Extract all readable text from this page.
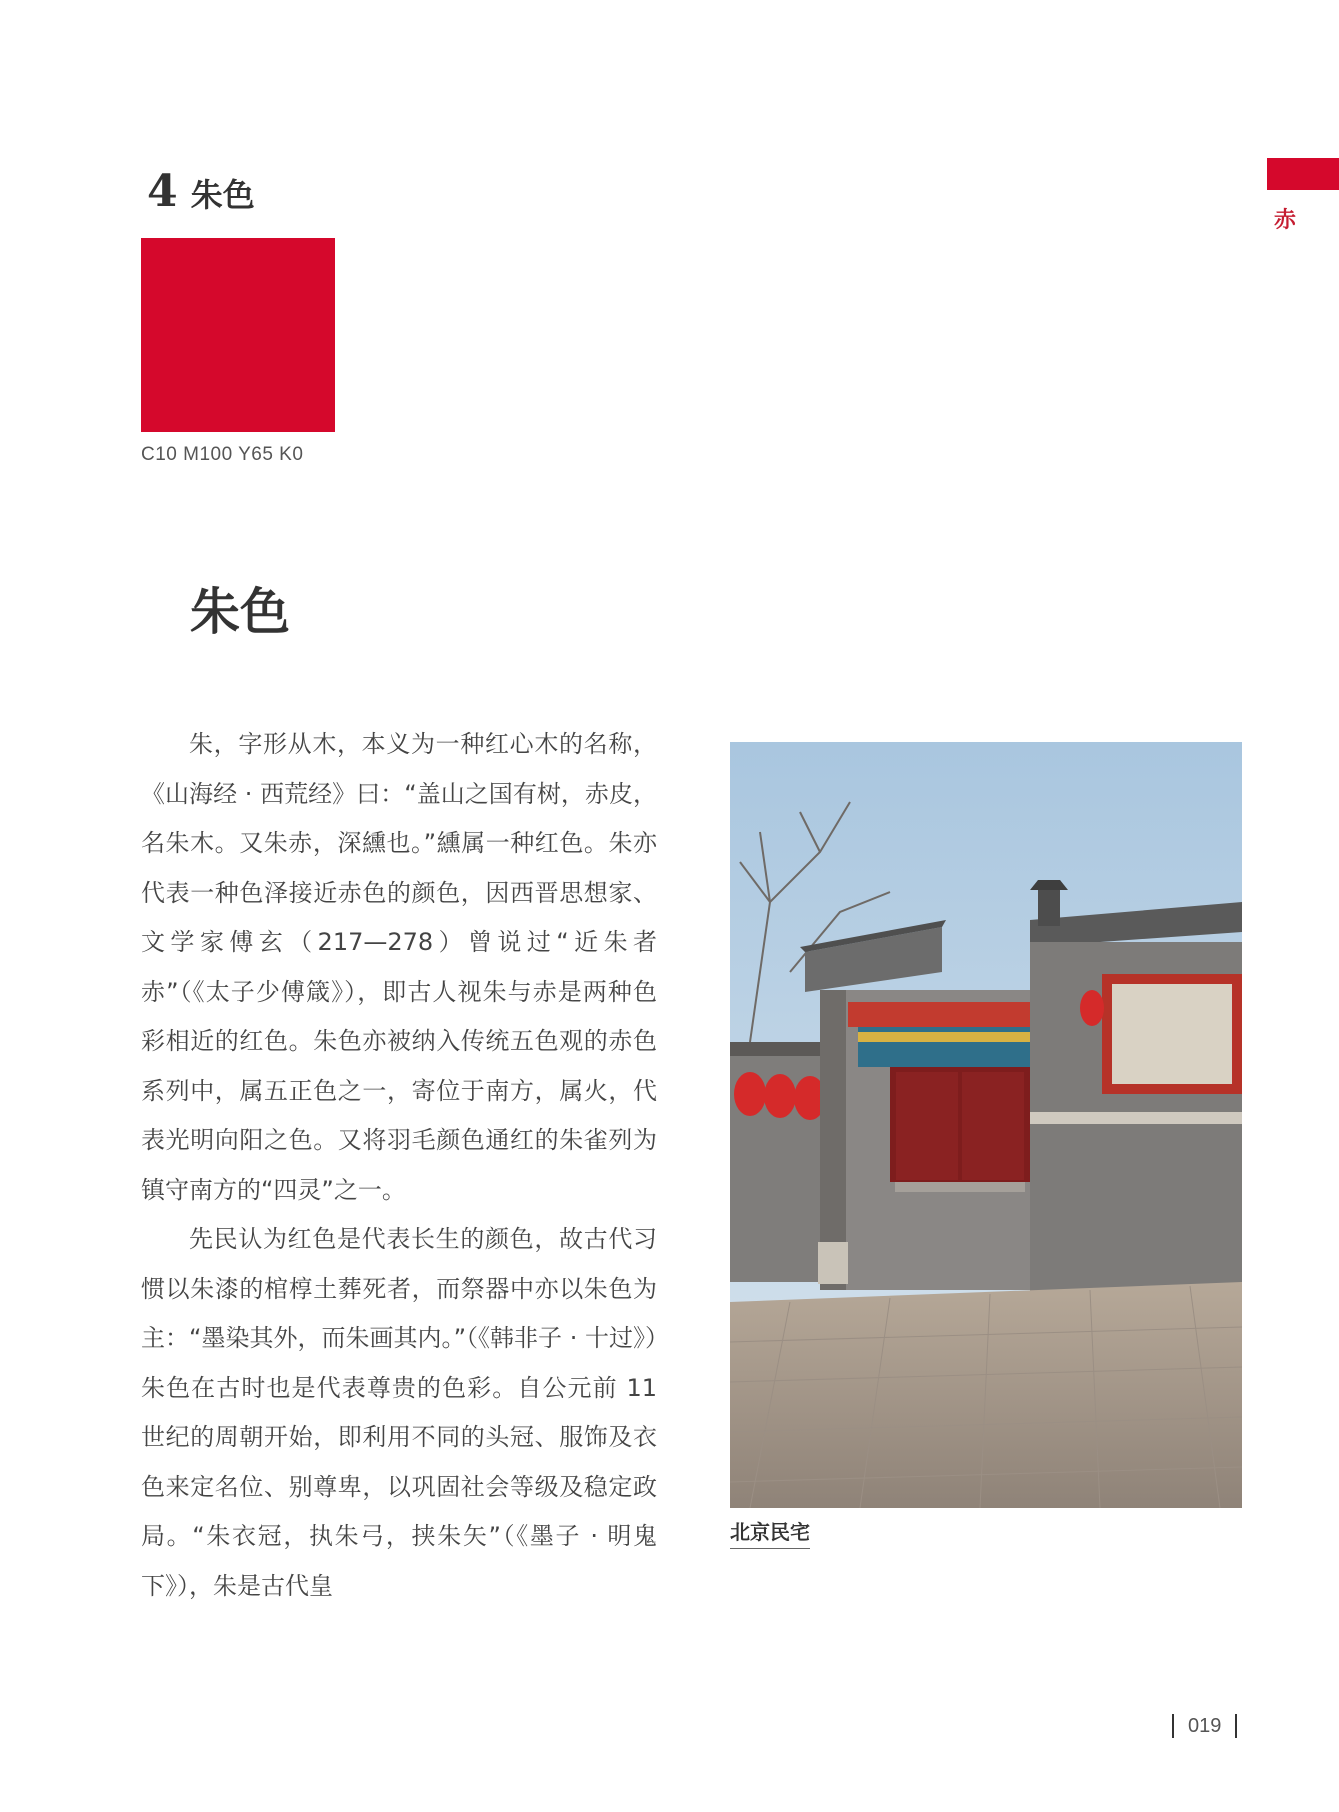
赤
4 朱色
C10 M100 Y65 K0
朱色

朱，字形从木，本义为一种红心木的名称，《山海经 · 西荒经》曰：“盖山之国有树，赤皮，名朱木。又朱赤，深纁也。”纁属一种红色。朱亦代表一种色泽接近赤色的颜色，因西晋思想家、文学家傅玄（217—278）曾说过“近朱者赤”（《太子少傅箴》），即古人视朱与赤是两种色彩相近的红色。朱色亦被纳入传统五色观的赤色系列中，属五正色之一，寄位于南方，属火，代表光明向阳之色。又将羽毛颜色通红的朱雀列为镇守南方的“四灵”之一。

先民认为红色是代表长生的颜色，故古代习惯以朱漆的棺椁土葬死者，而祭器中亦以朱色为主：“墨染其外，而朱画其内。”（《韩非子 · 十过》）朱色在古时也是代表尊贵的色彩。自公元前 11 世纪的周朝开始，即利用不同的头冠、服饰及衣色来定名位、别尊卑，以巩固社会等级及稳定政局。“朱衣冠，执朱弓，挟朱矢”（《墨子 · 明鬼下》），朱是古代皇

北京民宅
019
